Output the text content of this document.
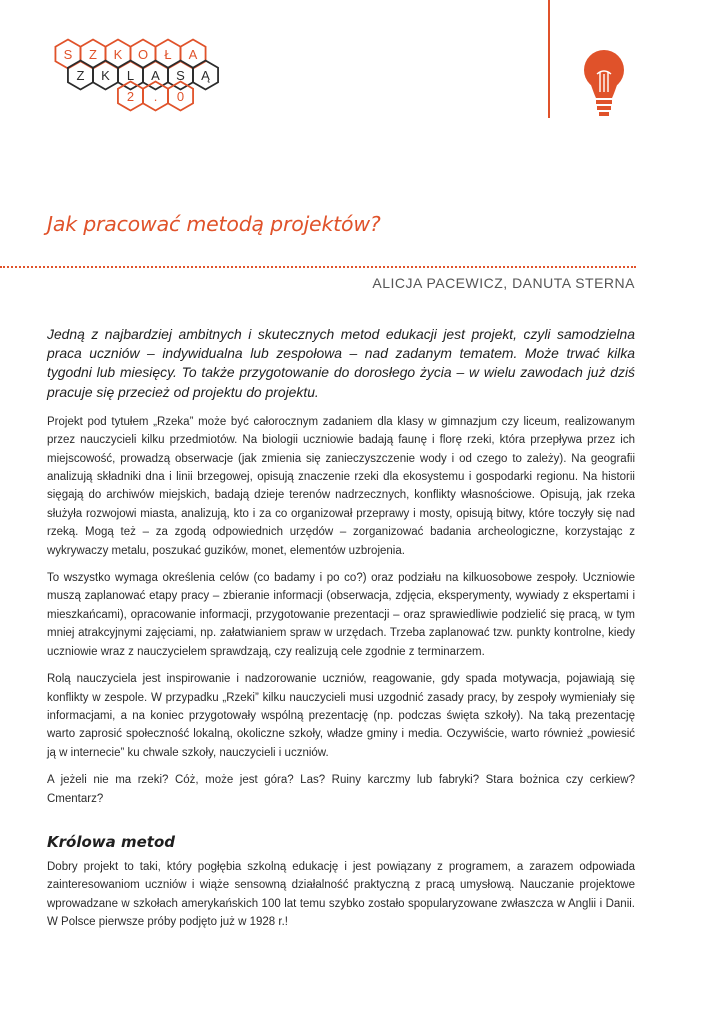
S Z K O Ł A
Z K L A S Ą
2 . 0
Jak pracować metodą projektów?
ALICJA PACEWICZ, DANUTA STERNA

Jedną z najbardziej ambitnych i skutecznych metod edukacji jest projekt, czyli samodzielna praca uczniów – indywidualna lub zespołowa – nad zadanym tematem. Może trwać kilka tygodni lub miesięcy. To także przygotowanie do dorosłego życia – w wielu zawodach już dziś pracuje się przecież od projektu do projektu.

Projekt pod tytułem „Rzeka” może być całorocznym zadaniem dla klasy w gimnazjum czy liceum, realizowanym przez nauczycieli kilku przedmiotów. Na biologii uczniowie badają faunę i florę rzeki, która przepływa przez ich miejscowość, prowadzą obserwacje (jak zmienia się zanieczyszczenie wody i od czego to zależy). Na geografii analizują składniki dna i linii brzegowej, opisują znaczenie rzeki dla ekosystemu i gospodarki regionu. Na historii sięgają do archiwów miejskich, badają dzieje terenów nadrzecznych, konflikty własnościowe. Opisują, jak rzeka służyła rozwojowi miasta, analizują, kto i za co organizował przeprawy i mosty, opisują bitwy, które toczyły się nad rzeką. Mogą też – za zgodą odpowiednich urzędów – zorganizować badania archeologiczne, korzystając z wykrywaczy metalu, poszukać guzików, monet, elementów uzbrojenia.

To wszystko wymaga określenia celów (co badamy i po co?) oraz podziału na kilkuosobowe zespoły. Uczniowie muszą zaplanować etapy pracy – zbieranie informacji (obserwacja, zdjęcia, eksperymenty, wywiady z ekspertami i mieszkańcami), opracowanie informacji, przygotowanie prezentacji – oraz sprawiedliwie podzielić się pracą, w tym mniej atrakcyjnymi zajęciami, np. załatwianiem spraw w urzędach. Trzeba zaplanować tzw. punkty kontrolne, kiedy uczniowie wraz z nauczycielem sprawdzają, czy realizują cele zgodnie z terminarzem.

Rolą nauczyciela jest inspirowanie i nadzorowanie uczniów, reagowanie, gdy spada motywacja, pojawiają się konflikty w zespole. W przypadku „Rzeki” kilku nauczycieli musi uzgodnić zasady pracy, by zespoły wymieniały się informacjami, a na koniec przygotowały wspólną prezentację (np. podczas święta szkoły). Na taką prezentację warto zaprosić społeczność lokalną, okoliczne szkoły, władze gminy i media. Oczywiście, warto również „powiesić ją w internecie” ku chwale szkoły, nauczycieli i uczniów.

A jeżeli nie ma rzeki? Cóż, może jest góra? Las? Ruiny karczmy lub fabryki? Stara bożnica czy cerkiew? Cmentarz?

Królowa metod

Dobry projekt to taki, który pogłębia szkolną edukację i jest powiązany z programem, a zarazem odpowiada zainteresowaniom uczniów i wiąże sensowną działalność praktyczną z pracą umysłową. Nauczanie projektowe wprowadzane w szkołach amerykańskich 100 lat temu szybko zostało spopularyzowane zwłaszcza w Anglii i Danii. W Polsce pierwsze próby podjęto już w 1928 r.!
